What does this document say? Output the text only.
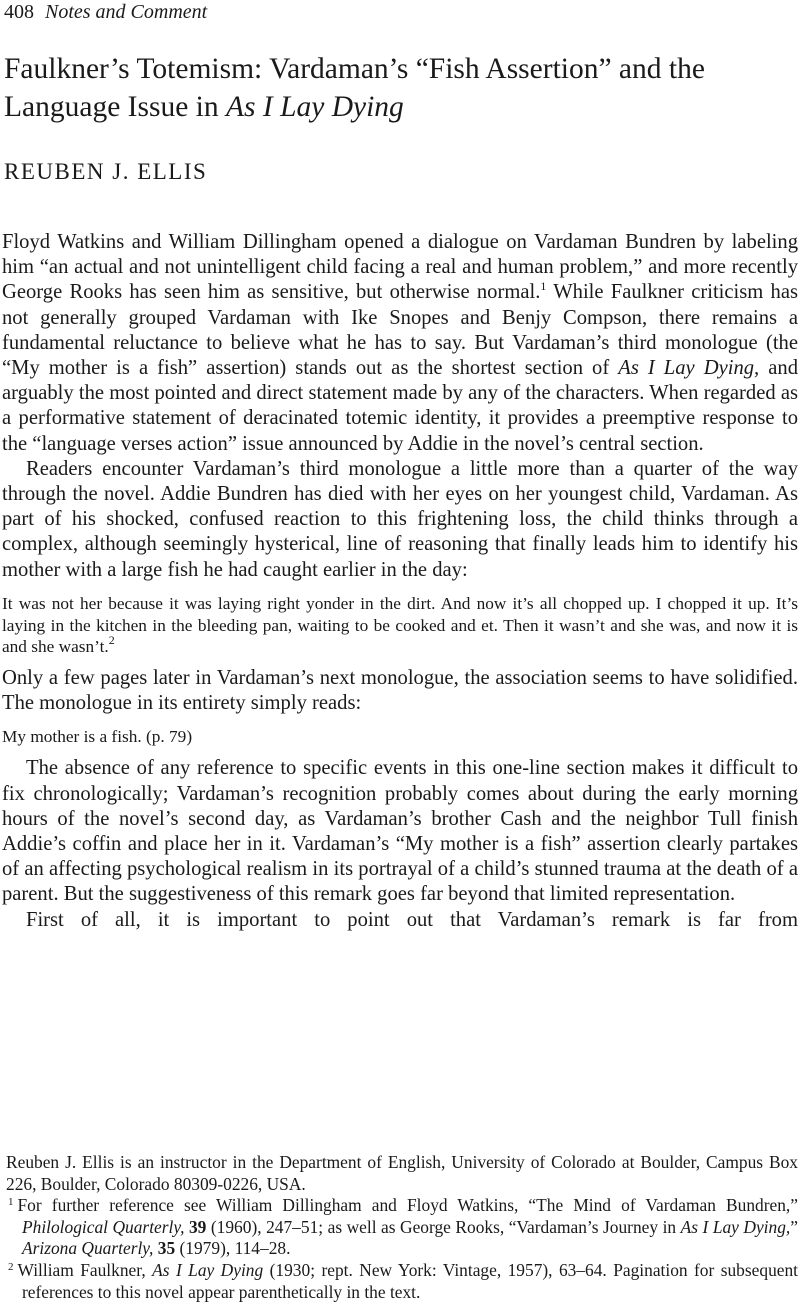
408 Notes and Comment
Faulkner’s Totemism: Vardaman’s “Fish Assertion” and the Language Issue in As I Lay Dying
REUBEN J. ELLIS

Floyd Watkins and William Dillingham opened a dialogue on Vardaman Bundren by labeling him “an actual and not unintelligent child facing a real and human problem,” and more recently George Rooks has seen him as sensitive, but otherwise normal.$^1$ While Faulkner criticism has not generally grouped Vardaman with Ike Snopes and Benjy Compson, there remains a fundamental reluctance to believe what he has to say. But Vardaman’s third monologue (the “My mother is a fish” assertion) stands out as the shortest section of As I Lay Dying, and arguably the most pointed and direct statement made by any of the characters. When regarded as a performative statement of deracinated totemic identity, it provides a preemptive response to the “language verses action” issue announced by Addie in the novel’s central section.

Readers encounter Vardaman’s third monologue a little more than a quarter of the way through the novel. Addie Bundren has died with her eyes on her youngest child, Vardaman. As part of his shocked, confused reaction to this frightening loss, the child thinks through a complex, although seemingly hysterical, line of reasoning that finally leads him to identify his mother with a large fish he had caught earlier in the day:

It was not her because it was laying right yonder in the dirt. And now it’s all chopped up. I chopped it up. It’s laying in the kitchen in the bleeding pan, waiting to be cooked and et. Then it wasn’t and she was, and now it is and she wasn’t.$^2$

Only a few pages later in Vardaman’s next monologue, the association seems to have solidified. The monologue in its entirety simply reads:

My mother is a fish. (p. 79)

The absence of any reference to specific events in this one-line section makes it difficult to fix chronologically; Vardaman’s recognition probably comes about during the early morning hours of the novel’s second day, as Vardaman’s brother Cash and the neighbor Tull finish Addie’s coffin and place her in it. Vardaman’s “My mother is a fish” assertion clearly partakes of an affecting psychological realism in its portrayal of a child’s stunned trauma at the death of a parent. But the suggestiveness of this remark goes far beyond that limited representation.

First of all, it is important to point out that Vardaman’s remark is far from

Reuben J. Ellis is an instructor in the Department of English, University of Colorado at Boulder, Campus Box 226, Boulder, Colorado 80309-0226, USA.

$^1$ For further reference see William Dillingham and Floyd Watkins, “The Mind of Vardaman Bundren,” Philological Quarterly, 39 (1960), 247–51; as well as George Rooks, “Vardaman’s Journey in As I Lay Dying,” Arizona Quarterly, 35 (1979), 114–28.

$^2$ William Faulkner, As I Lay Dying (1930; rept. New York: Vintage, 1957), 63–64. Pagination for subsequent references to this novel appear parenthetically in the text.
